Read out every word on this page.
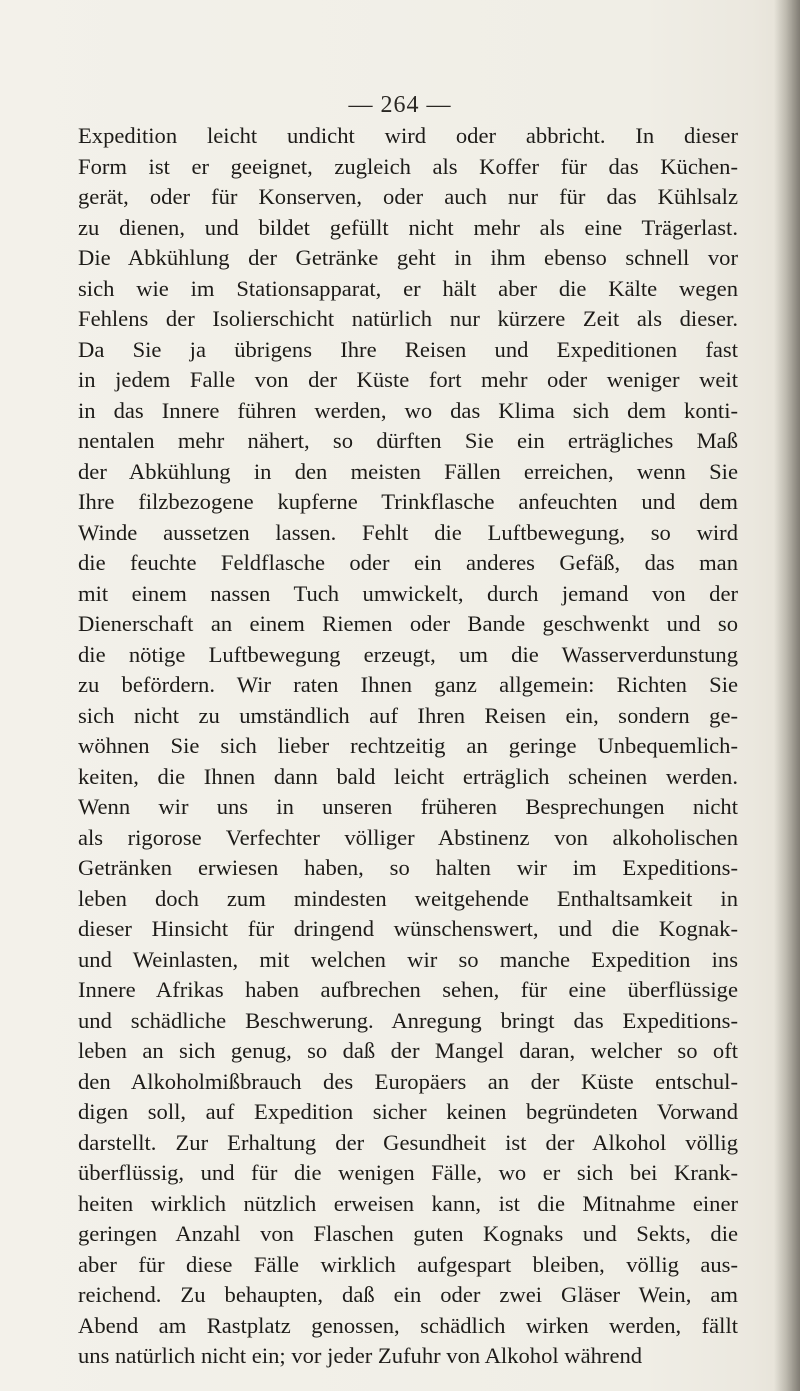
— 264 —
Expedition leicht undicht wird oder abbricht. In dieser
Form ist er geeignet, zugleich als Koffer für das Küchen-
gerät, oder für Konserven, oder auch nur für das Kühlsalz
zu dienen, und bildet gefüllt nicht mehr als eine Trägerlast.
Die Abkühlung der Getränke geht in ihm ebenso schnell vor
sich wie im Stationsapparat, er hält aber die Kälte wegen
Fehlens der Isolierschicht natürlich nur kürzere Zeit als dieser.
Da Sie ja übrigens Ihre Reisen und Expeditionen fast
in jedem Falle von der Küste fort mehr oder weniger weit
in das Innere führen werden, wo das Klima sich dem konti-
nentalen mehr nähert, so dürften Sie ein erträgliches Maß
der Abkühlung in den meisten Fällen erreichen, wenn Sie
Ihre filzbezogene kupferne Trinkflasche anfeuchten und dem
Winde aussetzen lassen. Fehlt die Luftbewegung, so wird
die feuchte Feldflasche oder ein anderes Gefäß, das man
mit einem nassen Tuch umwickelt, durch jemand von der
Dienerschaft an einem Riemen oder Bande geschwenkt und so
die nötige Luftbewegung erzeugt, um die Wasserverdunstung
zu befördern. Wir raten Ihnen ganz allgemein: Richten Sie
sich nicht zu umständlich auf Ihren Reisen ein, sondern ge-
wöhnen Sie sich lieber rechtzeitig an geringe Unbequemlich-
keiten, die Ihnen dann bald leicht erträglich scheinen werden.
Wenn wir uns in unseren früheren Besprechungen nicht
als rigorose Verfechter völliger Abstinenz von alkoholischen
Getränken erwiesen haben, so halten wir im Expeditions-
leben doch zum mindesten weitgehende Enthaltsamkeit in
dieser Hinsicht für dringend wünschenswert, und die Kognak-
und Weinlasten, mit welchen wir so manche Expedition ins
Innere Afrikas haben aufbrechen sehen, für eine überflüssige
und schädliche Beschwerung. Anregung bringt das Expeditions-
leben an sich genug, so daß der Mangel daran, welcher so oft
den Alkoholmißbrauch des Europäers an der Küste entschul-
digen soll, auf Expedition sicher keinen begründeten Vorwand
darstellt. Zur Erhaltung der Gesundheit ist der Alkohol völlig
überflüssig, und für die wenigen Fälle, wo er sich bei Krank-
heiten wirklich nützlich erweisen kann, ist die Mitnahme einer
geringen Anzahl von Flaschen guten Kognaks und Sekts, die
aber für diese Fälle wirklich aufgespart bleiben, völlig aus-
reichend. Zu behaupten, daß ein oder zwei Gläser Wein, am
Abend am Rastplatz genossen, schädlich wirken werden, fällt
uns natürlich nicht ein; vor jeder Zufuhr von Alkohol während
